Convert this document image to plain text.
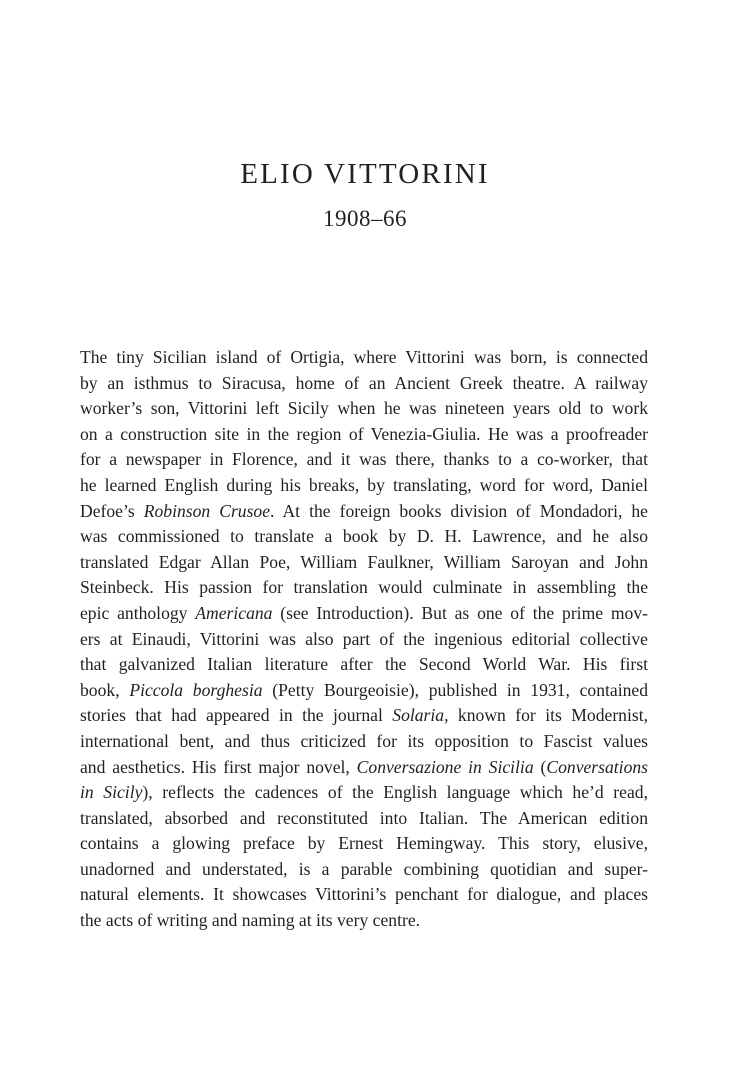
ELIO VITTORINI
1908–66
The tiny Sicilian island of Ortigia, where Vittorini was born, is connected
by an isthmus to Siracusa, home of an Ancient Greek theatre. A railway
worker’s son, Vittorini left Sicily when he was nineteen years old to work
on a construction site in the region of Venezia-Giulia. He was a proofreader
for a newspaper in Florence, and it was there, thanks to a co-worker, that
he learned English during his breaks, by translating, word for word, Daniel
Defoe’s Robinson Crusoe. At the foreign books division of Mondadori, he
was commissioned to translate a book by D. H. Lawrence, and he also
translated Edgar Allan Poe, William Faulkner, William Saroyan and John
Steinbeck. His passion for translation would culminate in assembling the
epic anthology Americana (see Introduction). But as one of the prime mov-
ers at Einaudi, Vittorini was also part of the ingenious editorial collective
that galvanized Italian literature after the Second World War. His first
book, Piccola borghesia (Petty Bourgeoisie), published in 1931, contained
stories that had appeared in the journal Solaria, known for its Modernist,
international bent, and thus criticized for its opposition to Fascist values
and aesthetics. His first major novel, Conversazione in Sicilia (Conversations
in Sicily), reflects the cadences of the English language which he’d read,
translated, absorbed and reconstituted into Italian. The American edition
contains a glowing preface by Ernest Hemingway. This story, elusive,
unadorned and understated, is a parable combining quotidian and super-
natural elements. It showcases Vittorini’s penchant for dialogue, and places
the acts of writing and naming at its very centre.
